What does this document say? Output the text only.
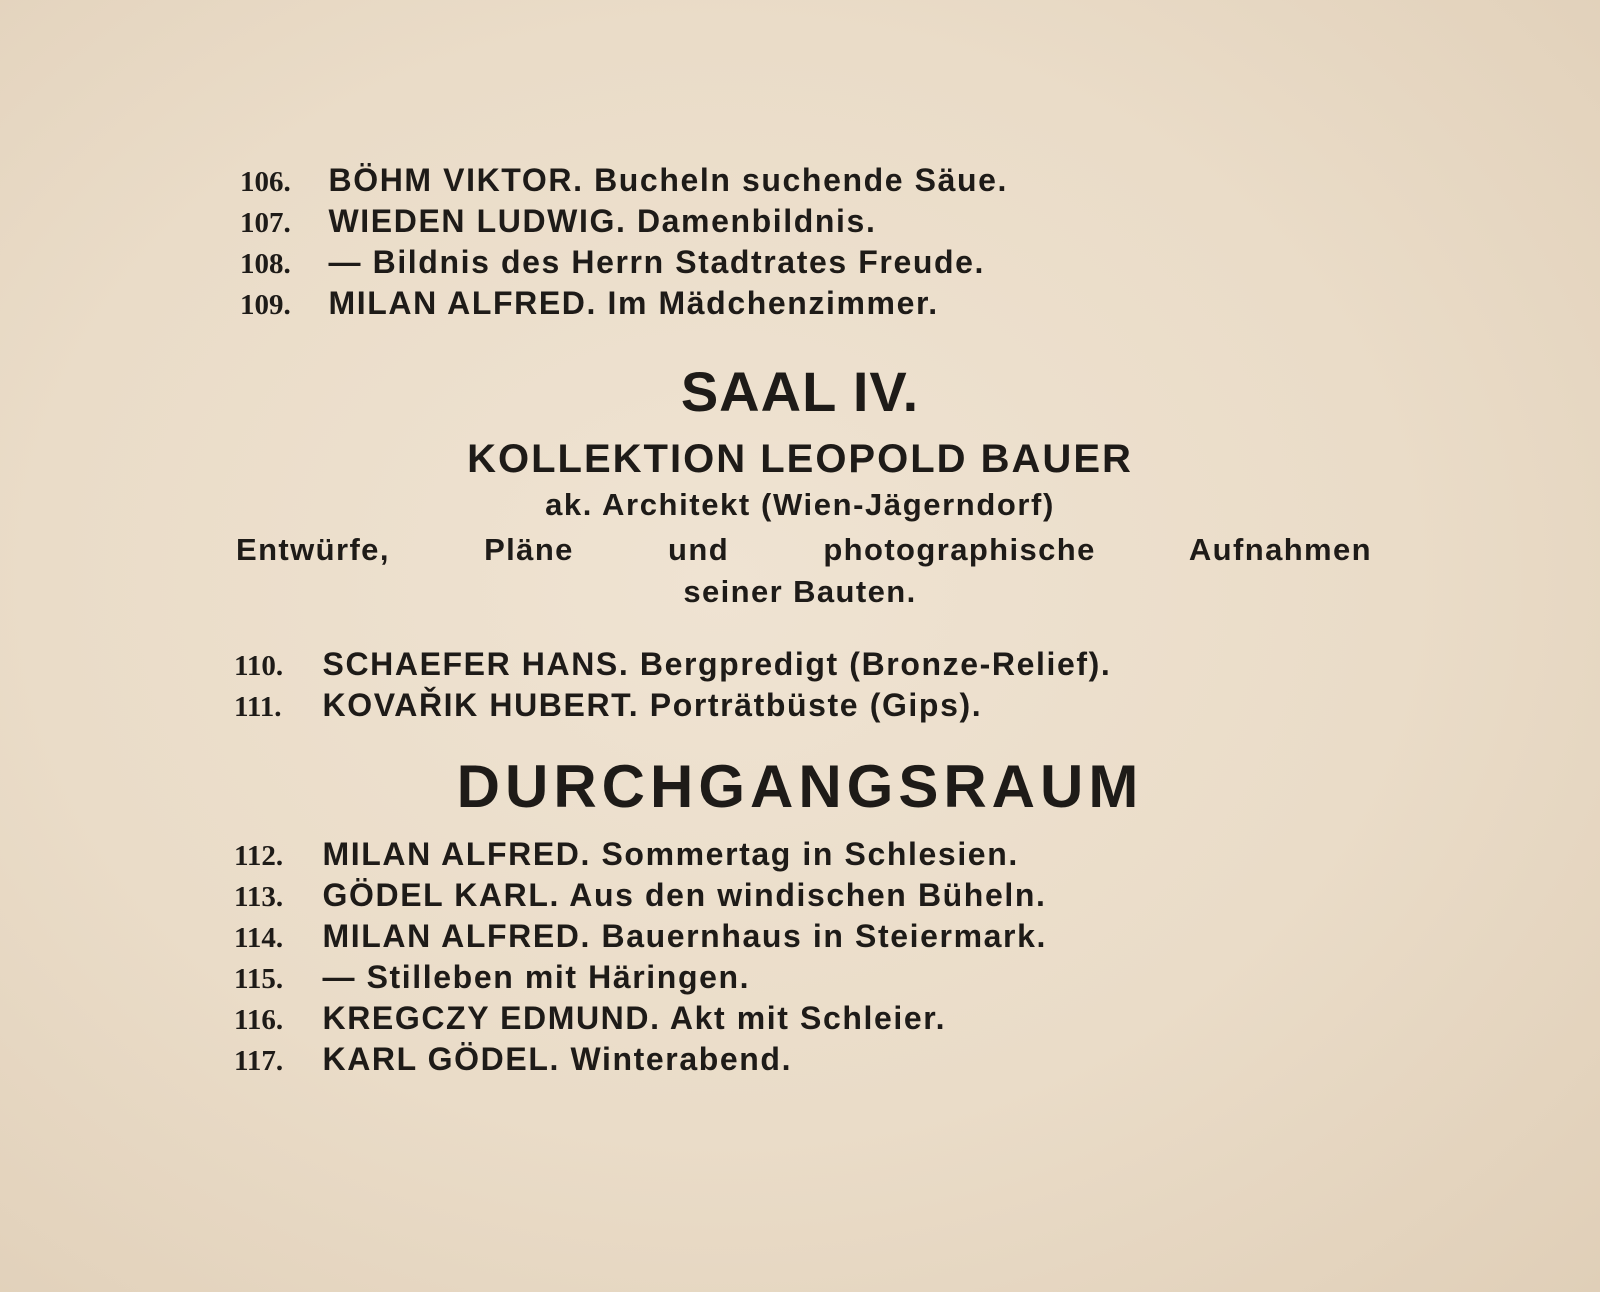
106. BÖHM VIKTOR. Bucheln suchende Säue.
107. WIEDEN LUDWIG. Damenbildnis.
108. — Bildnis des Herrn Stadtrates Freude.
109. MILAN ALFRED. Im Mädchenzimmer.
SAAL IV.
KOLLEKTION LEOPOLD BAUER
ak. Architekt (Wien-Jägerndorf)
Entwürfe, Pläne und photographische Aufnahmen
seiner Bauten.
110. SCHAEFER HANS. Bergpredigt (Bronze-Relief).
111. KOVAŘIK HUBERT. Porträtbüste (Gips).
DURCHGANGSRAUM
112. MILAN ALFRED. Sommertag in Schlesien.
113. GÖDEL KARL. Aus den windischen Büheln.
114. MILAN ALFRED. Bauernhaus in Steiermark.
115. — Stilleben mit Häringen.
116. KREGCZY EDMUND. Akt mit Schleier.
117. KARL GÖDEL. Winterabend.
